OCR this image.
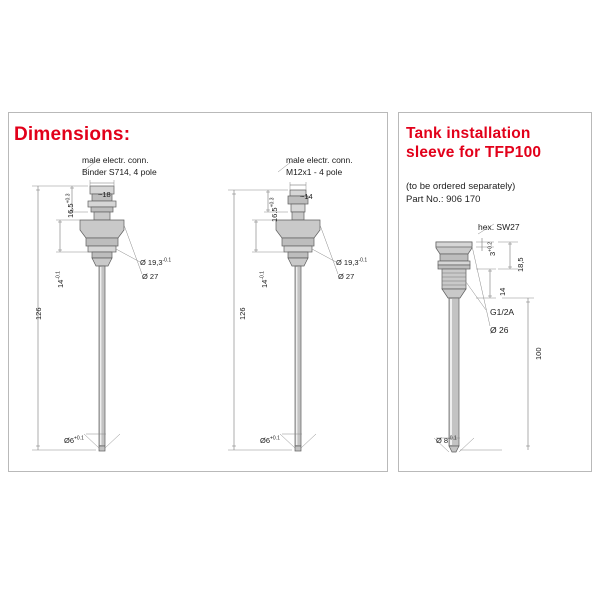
Dimensions:
male electr. conn.
Binder S714, 4 pole
$16.5^{+0.3}$	~18
$14^{-0.1}$
126
Ø $19,3^{-0.1}$
Ø 27
$Ø6^{+0.1}$
male electr. conn.
M12x1 - 4 pole
$16.5^{+0.3}$
~14
$14^{-0.1}$
126
Ø $19,3^{-0.1}$
Ø 27
$Ø6^{+0.1}$
Tank installation
sleeve for TFP100
(to be ordered separately)
Part No.: 906 170
hex. SW27
$3^{+0.2}$
18,5
14
G1/2A
Ø 26
100
Ø $8^{-0.1}$
